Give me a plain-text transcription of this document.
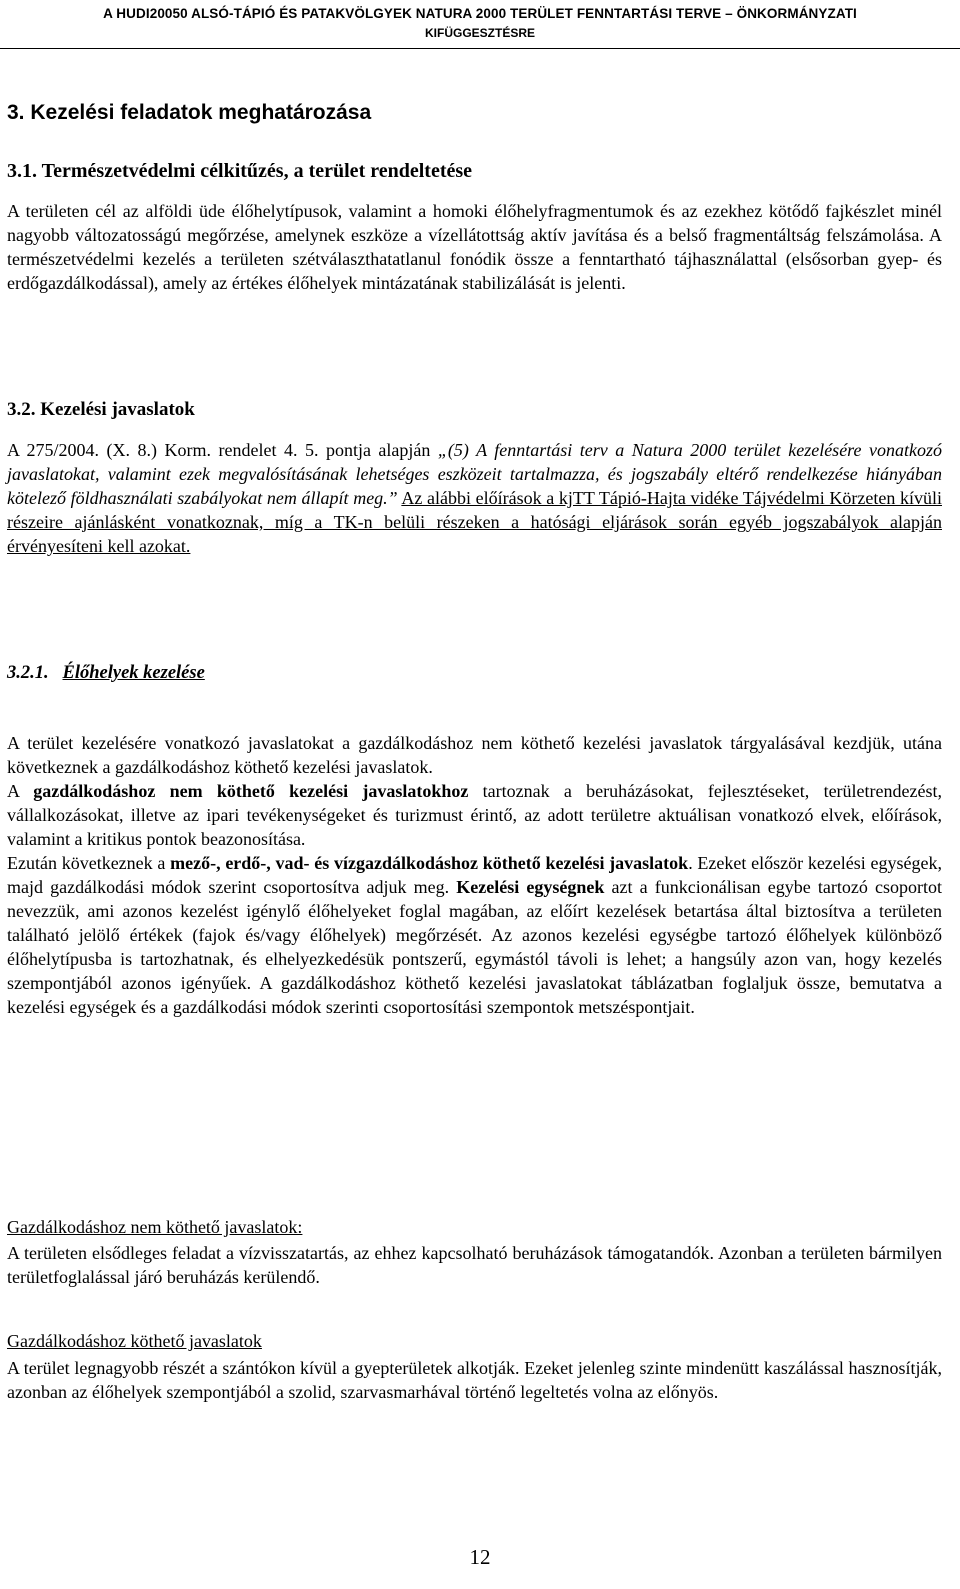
A HUDI20050 ALSÓ-TÁPIÓ ÉS PATAKVÖLGYEK NATURA 2000 TERÜLET FENNTARTÁSI TERVE – ÖNKORMÁNYZATI
KIFÜGGESZTÉSRE
3. Kezelési feladatok meghatározása
3.1. Természetvédelmi célkitűzés, a terület rendeltetése

A területen cél az alföldi üde élőhelytípusok, valamint a homoki élőhelyfragmentumok és az ezekhez kötődő fajkészlet minél nagyobb változatosságú megőrzése, amelynek eszköze a vízellátottság aktív javítása és a belső fragmentáltság felszámolása. A természetvédelmi kezelés a területen szétválaszthatatlanul fonódik össze a fenntartható tájhasználattal (elsősorban gyep- és erdőgazdálkodással), amely az értékes élőhelyek mintázatának stabilizálását is jelenti.

3.2. Kezelési javaslatok

A 275/2004. (X. 8.) Korm. rendelet 4. 5. pontja alapján „(5) A fenntartási terv a Natura 2000 terület kezelésére vonatkozó javaslatokat, valamint ezek megvalósításának lehetséges eszközeit tartalmazza, és jogszabály eltérő rendelkezése hiányában kötelező földhasználati szabályokat nem állapít meg.” Az alábbi előírások a kjTT Tápió-Hajta vidéke Tájvédelmi Körzeten kívüli részeire ajánlásként vonatkoznak, míg a TK-n belüli részeken a hatósági eljárások során egyéb jogszabályok alapján érvényesíteni kell azokat.

3.2.1. Élőhelyek kezelése

A terület kezelésére vonatkozó javaslatokat a gazdálkodáshoz nem köthető kezelési javaslatok tárgyalásával kezdjük, utána következnek a gazdálkodáshoz köthető kezelési javaslatok.

A gazdálkodáshoz nem köthető kezelési javaslatokhoz tartoznak a beruházásokat, fejlesztéseket, területrendezést, vállalkozásokat, illetve az ipari tevékenységeket és turizmust érintő, az adott területre aktuálisan vonatkozó elvek, előírások, valamint a kritikus pontok beazonosítása.

Ezután következnek a mező-, erdő-, vad- és vízgazdálkodáshoz köthető kezelési javaslatok. Ezeket először kezelési egységek, majd gazdálkodási módok szerint csoportosítva adjuk meg. Kezelési egységnek azt a funkcionálisan egybe tartozó csoportot nevezzük, ami azonos kezelést igénylő élőhelyeket foglal magában, az előírt kezelések betartása által biztosítva a területen található jelölő értékek (fajok és/vagy élőhelyek) megőrzését. Az azonos kezelési egységbe tartozó élőhelyek különböző élőhelytípusba is tartozhatnak, és elhelyezkedésük pontszerű, egymástól távoli is lehet; a hangsúly azon van, hogy kezelés szempontjából azonos igényűek. A gazdálkodáshoz köthető kezelési javaslatokat táblázatban foglaljuk össze, bemutatva a kezelési egységek és a gazdálkodási módok szerinti csoportosítási szempontok metszéspontjait.

Gazdálkodáshoz nem köthető javaslatok:

A területen elsődleges feladat a vízvisszatartás, az ehhez kapcsolható beruházások támogatandók. Azonban a területen bármilyen területfoglalással járó beruházás kerülendő.

Gazdálkodáshoz köthető javaslatok

A terület legnagyobb részét a szántókon kívül a gyepterületek alkotják. Ezeket jelenleg szinte mindenütt kaszálással hasznosítják, azonban az élőhelyek szempontjából a szolid, szarvasmarhával történő legeltetés volna az előnyös.

12
